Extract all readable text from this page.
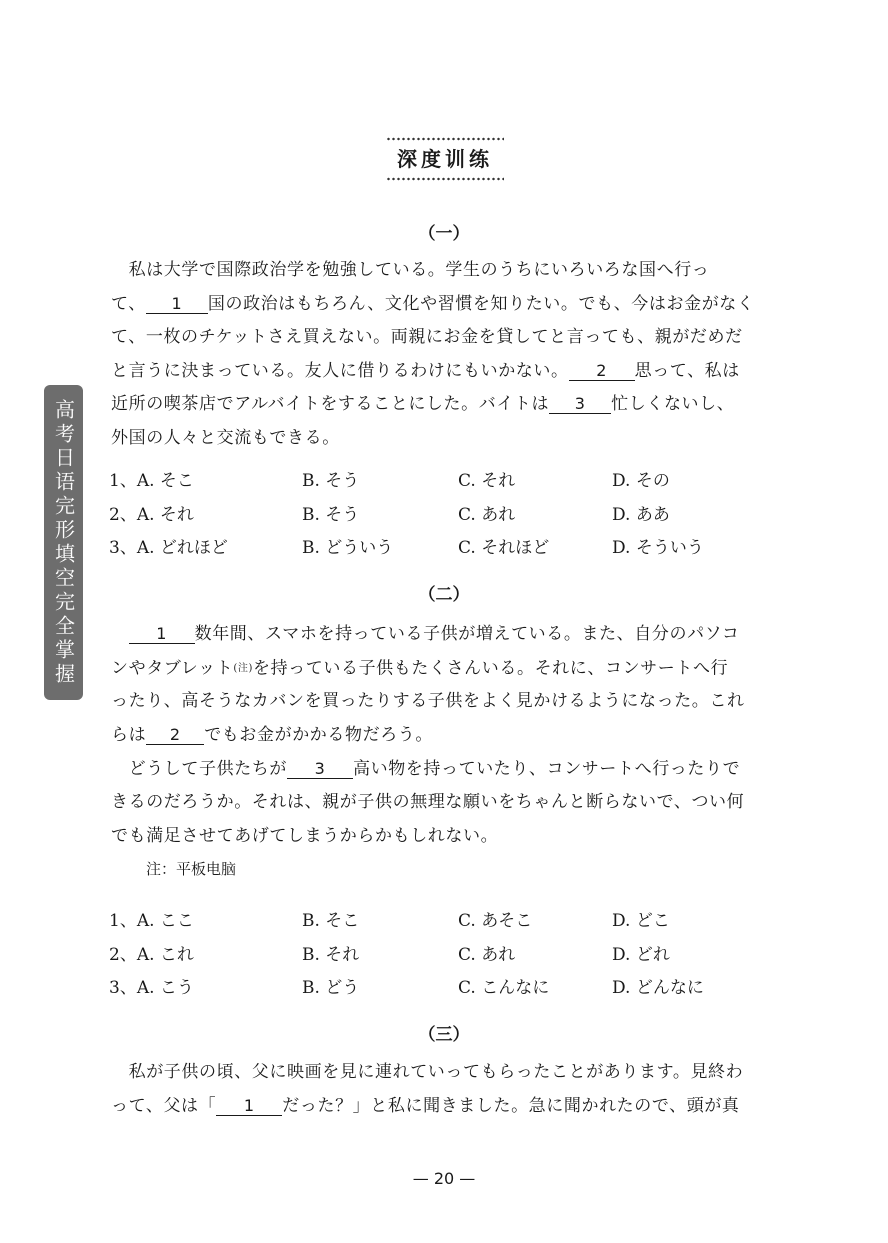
深度训练
高考日语完形填空完全掌握
（一）
　私は大学で国際政治学を勉強している。学生のうちにいろいろな国へ行っ
て、 1 国の政治はもちろん、文化や習慣を知りたい。でも、今はお金がなく
て、一枚のチケットさえ買えない。両親にお金を貸してと言っても、親がだめだ
と言うに決まっている。友人に借りるわけにもいかない。 2 思って、私は
近所の喫茶店でアルバイトをすることにした。バイトは 3 忙しくないし、
外国の人々と交流もできる。
1、A. そこ	B. そう	C. それ	D. その
2、A. それ	B. そう	C. あれ	D. ああ
3、A. どれほど	B. どういう	C. それほど	D. そういう
（二）
　1 数年間、スマホを持っている子供が増えている。また、自分のパソコ
ンやタブレット(注)を持っている子供もたくさんいる。それに、コンサートへ行
ったり、高そうなカバンを買ったりする子供をよく見かけるようになった。これ
らは 2 でもお金がかかる物だろう。
　どうして子供たちが 3 高い物を持っていたり、コンサートへ行ったりで
きるのだろうか。それは、親が子供の無理な願いをちゃんと断らないで、つい何
でも満足させてあげてしまうからかもしれない。
注：平板电脑
1、A. ここ	B. そこ	C. あそこ	D. どこ
2、A. これ	B. それ	C. あれ	D. どれ
3、A. こう	B. どう	C. こんなに	D. どんなに
（三）
　私が子供の頃、父に映画を見に連れていってもらったことがあります。見終わ
って、父は「 1 だった？」と私に聞きました。急に聞かれたので、頭が真
— 20 —
